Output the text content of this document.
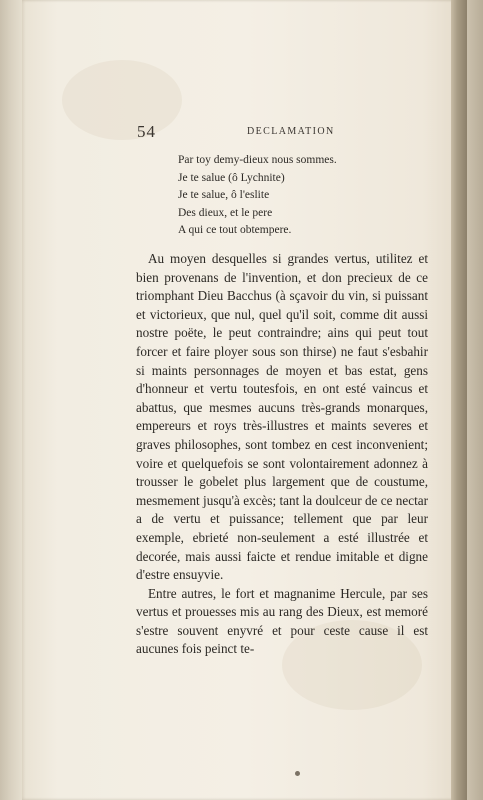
54	DECLAMATION
Par toy demy-dieux nous sommes.
Je te salue (ô Lychnite)
Je te salue, ô l'eslite
Des dieux, et le pere
A qui ce tout obtempere.

Au moyen desquelles si grandes vertus, utilitez et bien provenans de l'invention, et don precieux de ce triomphant Dieu Bacchus (à sçavoir du vin, si puissant et victorieux, que nul, quel qu'il soit, comme dit aussi nostre poëte, le peut contraindre; ains qui peut tout forcer et faire ployer sous son thirse) ne faut s'esbahir si maints personnages de moyen et bas estat, gens d'honneur et vertu toutesfois, en ont esté vaincus et abattus, que mesmes aucuns très-grands monarques, empereurs et roys très-illustres et maints severes et graves philosophes, sont tombez en cest inconvenient; voire et quelquefois se sont volontairement adonnez à trousser le gobelet plus largement que de coustume, mesmement jusqu'à excès; tant la doulceur de ce nectar a de vertu et puissance; tellement que par leur exemple, ebrieté non-seulement a esté illustrée et decorée, mais aussi faicte et rendue imitable et digne d'estre ensuyvie.

Entre autres, le fort et magnanime Hercule, par ses vertus et prouesses mis au rang des Dieux, est memoré s'estre souvent enyvré et pour ceste cause il est aucunes fois peinct te-
